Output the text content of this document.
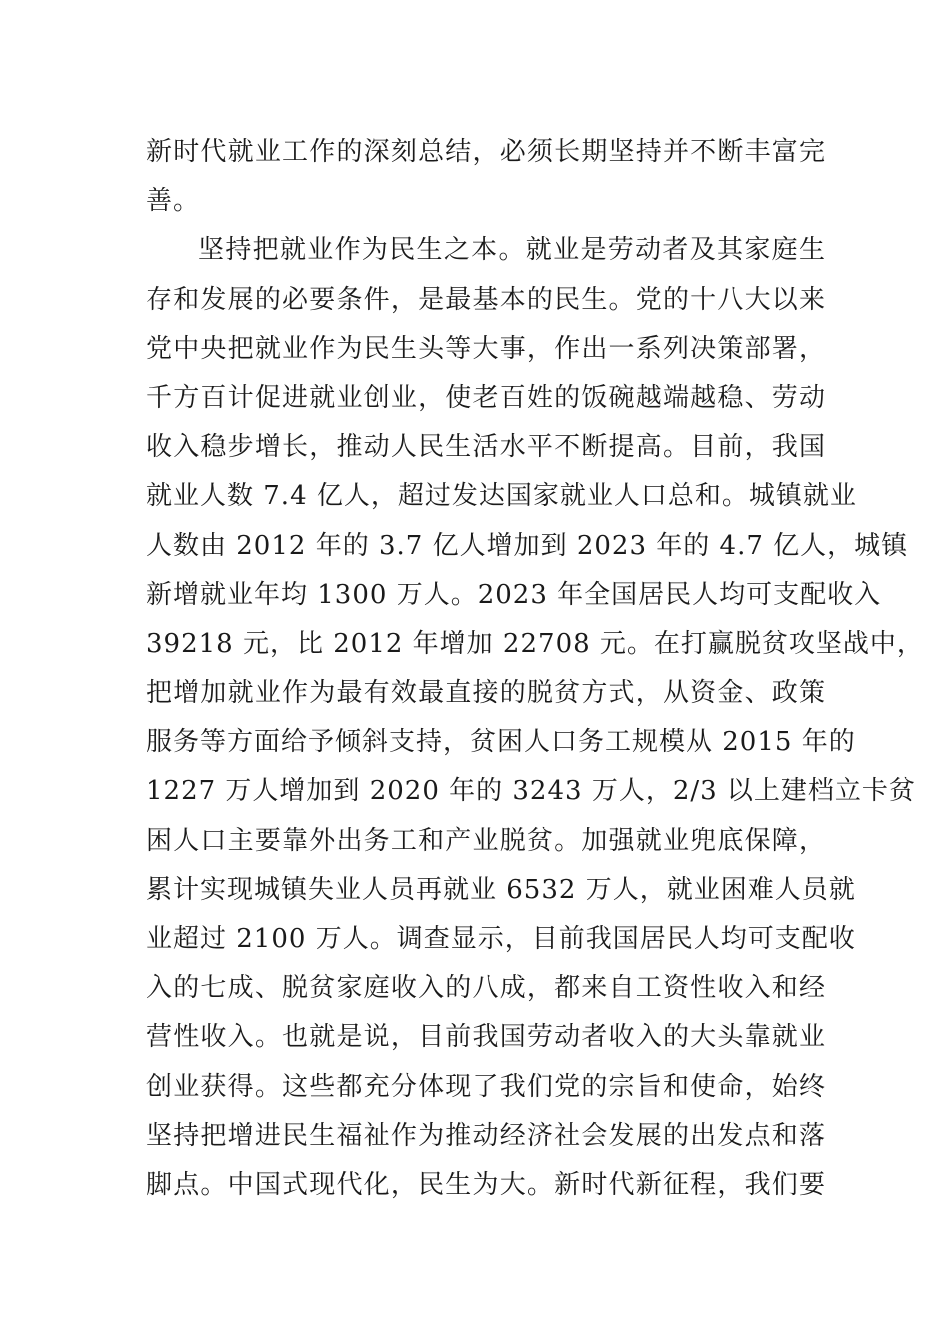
新时代就业工作的深刻总结，必须长期坚持并不断丰富完
善。
坚持把就业作为民生之本。就业是劳动者及其家庭生
存和发展的必要条件，是最基本的民生。党的十八大以来
党中央把就业作为民生头等大事，作出一系列决策部署，
千方百计促进就业创业，使老百姓的饭碗越端越稳、劳动
收入稳步增长，推动人民生活水平不断提高。目前，我国
就业人数 7.4 亿人，超过发达国家就业人口总和。城镇就业
人数由 2012 年的 3.7 亿人增加到 2023 年的 4.7 亿人，城镇
新增就业年均 1300 万人。2023 年全国居民人均可支配收入
39218 元，比 2012 年增加 22708 元。在打赢脱贫攻坚战中，
把增加就业作为最有效最直接的脱贫方式，从资金、政策
服务等方面给予倾斜支持，贫困人口务工规模从 2015 年的
1227 万人增加到 2020 年的 3243 万人，2/3 以上建档立卡贫
困人口主要靠外出务工和产业脱贫。加强就业兜底保障，
累计实现城镇失业人员再就业 6532 万人，就业困难人员就
业超过 2100 万人。调查显示，目前我国居民人均可支配收
入的七成、脱贫家庭收入的八成，都来自工资性收入和经
营性收入。也就是说，目前我国劳动者收入的大头靠就业
创业获得。这些都充分体现了我们党的宗旨和使命，始终
坚持把增进民生福祉作为推动经济社会发展的出发点和落
脚点。中国式现代化，民生为大。新时代新征程，我们要
